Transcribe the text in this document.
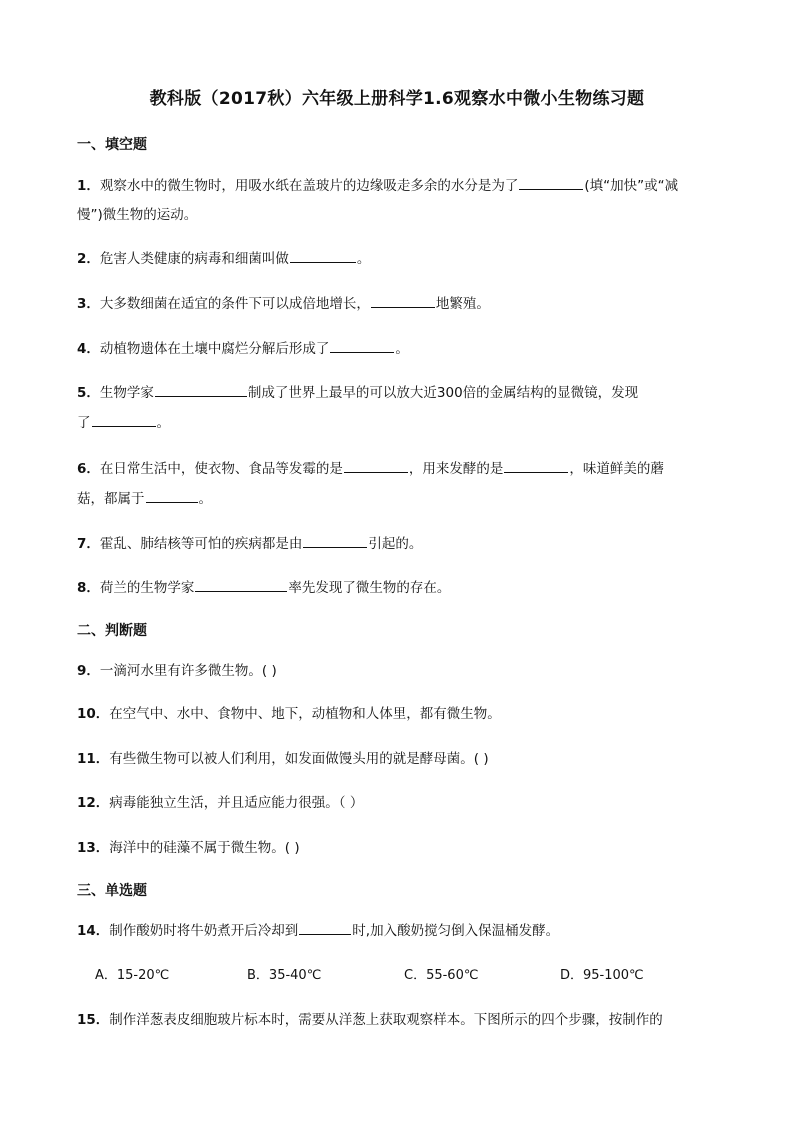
教科版（2017秋）六年级上册科学1.6观察水中微小生物练习题
一、填空题
1．观察水中的微生物时，用吸水纸在盖玻片的边缘吸走多余的水分是为了	(填“加快”或“减
慢”)微生物的运动。
2．危害人类健康的病毒和细菌叫做	。
3．大多数细菌在适宜的条件下可以成倍地增长，	地繁殖。
4．动植物遗体在土壤中腐烂分解后形成了	。
5．生物学家	制成了世界上最早的可以放大近300倍的金属结构的显微镜，发现
了	。
6．在日常生活中，使衣物、食品等发霉的是	，用来发酵的是	，味道鲜美的蘑
菇，都属于	。
7．霍乱、肺结核等可怕的疾病都是由	引起的。
8．荷兰的生物学家	率先发现了微生物的存在。
二、判断题
9．一滴河水里有许多微生物。( )
10．在空气中、水中、食物中、地下，动植物和人体里，都有微生物。
11．有些微生物可以被人们利用，如发面做馒头用的就是酵母菌。( )
12．病毒能独立生活，并且适应能力很强。（ ）
13．海洋中的硅藻不属于微生物。( )
三、单选题
14．制作酸奶时将牛奶煮开后冷却到	时,加入酸奶搅匀倒入保温桶发酵。
A．15-20℃	B．35-40℃	C．55-60℃	D．95-100℃
15．制作洋葱表皮细胞玻片标本时，需要从洋葱上获取观察样本。下图所示的四个步骤，按制作的
